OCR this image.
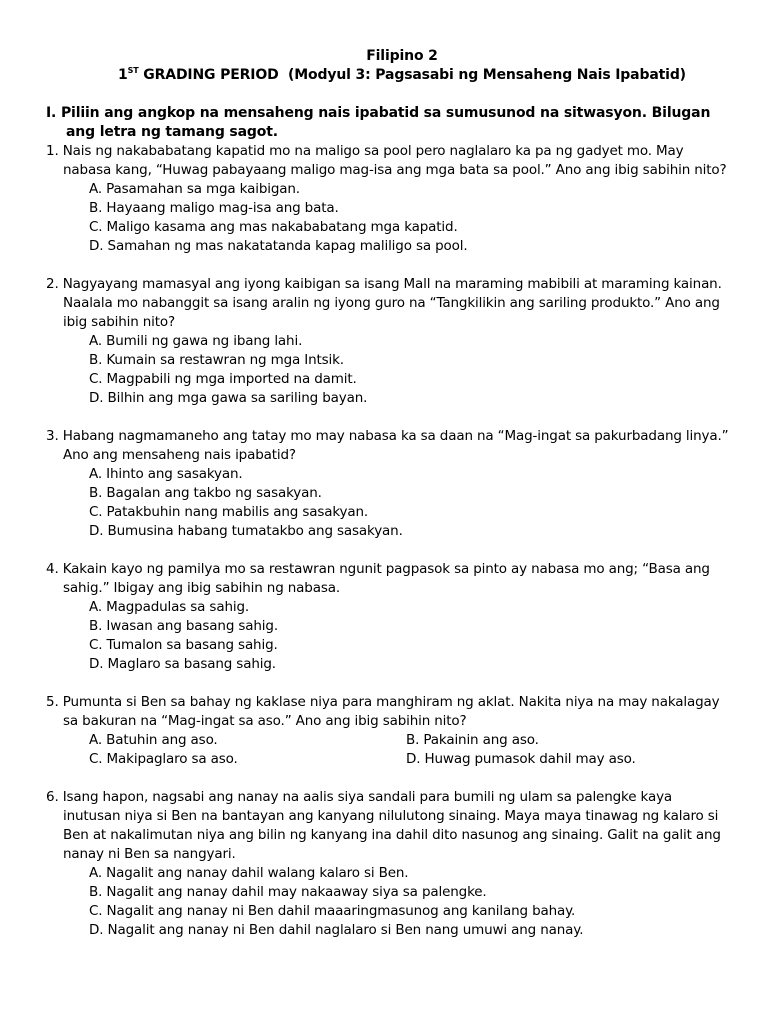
Filipino 2
1ST GRADING PERIOD  (Modyul 3: Pagsasabi ng Mensaheng Nais Ipabatid)
I. Piliin ang angkop na mensaheng nais ipabatid sa sumusunod na sitwasyon. Bilugan ang letra ng tamang sagot.
1. Nais ng nakababatang kapatid mo na maligo sa pool pero naglalaro ka pa ng gadyet mo. May nabasa kang, “Huwag pabayaang maligo mag-isa ang mga bata sa pool.” Ano ang ibig sabihin nito?
A. Pasamahan sa mga kaibigan.
B. Hayaang maligo mag-isa ang bata.
C. Maligo kasama ang mas nakababatang mga kapatid.
D. Samahan ng mas nakatatanda kapag maliligo sa pool.
2. Nagyayang mamasyal ang iyong kaibigan sa isang Mall na maraming mabibili at maraming kainan. Naalala mo nabanggit sa isang aralin ng iyong guro na “Tangkilikin ang sariling produkto.” Ano ang ibig sabihin nito?
A. Bumili ng gawa ng ibang lahi.
B. Kumain sa restawran ng mga Intsik.
C. Magpabili ng mga imported na damit.
D. Bilhin ang mga gawa sa sariling bayan.
3. Habang nagmamaneho ang tatay mo may nabasa ka sa daan na “Mag-ingat sa pakurbadang linya.” Ano ang mensaheng nais ipabatid?
A. Ihinto ang sasakyan.
B. Bagalan ang takbo ng sasakyan.
C. Patakbuhin nang mabilis ang sasakyan.
D. Bumusina habang tumatakbo ang sasakyan.
4. Kakain kayo ng pamilya mo sa restawran ngunit pagpasok sa pinto ay nabasa mo ang; “Basa ang sahig.” Ibigay ang ibig sabihin ng nabasa.
A. Magpadulas sa sahig.
B. Iwasan ang basang sahig.
C. Tumalon sa basang sahig.
D. Maglaro sa basang sahig.
5. Pumunta si Ben sa bahay ng kaklase niya para manghiram ng aklat. Nakita niya na may nakalagay sa bakuran na “Mag-ingat sa aso.” Ano ang ibig sabihin nito?
A. Batuhin ang aso.	B. Pakainin ang aso.
C. Makipaglaro sa aso.	D. Huwag pumasok dahil may aso.
6. Isang hapon, nagsabi ang nanay na aalis siya sandali para bumili ng ulam sa palengke kaya inutusan niya si Ben na bantayan ang kanyang nilulutong sinaing. Maya maya tinawag ng kalaro si Ben at nakalimutan niya ang bilin ng kanyang ina dahil dito nasunog ang sinaing. Galit na galit ang nanay ni Ben sa nangyari.
A. Nagalit ang nanay dahil walang kalaro si Ben.
B. Nagalit ang nanay dahil may nakaaway siya sa palengke.
C. Nagalit ang nanay ni Ben dahil maaaringmasunog ang kanilang bahay.
D. Nagalit ang nanay ni Ben dahil naglalaro si Ben nang umuwi ang nanay.
